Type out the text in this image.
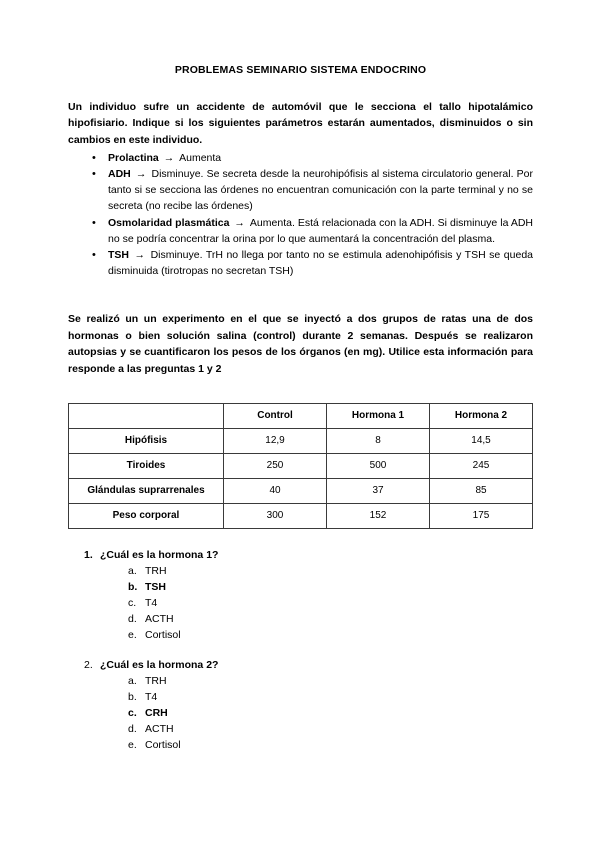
PROBLEMAS SEMINARIO SISTEMA ENDOCRINO

Un individuo sufre un accidente de automóvil que le secciona el tallo hipotalámico hipofisiario. Indique si los siguientes parámetros estarán aumentados, disminuidos o sin cambios en este individuo.

• Prolactina → Aumenta
• ADH → Disminuye. Se secreta desde la neurohipófisis al sistema circulatorio general. Por tanto si se secciona las órdenes no encuentran comunicación con la parte terminal y no se secreta (no recibe las órdenes)
• Osmolaridad plasmática → Aumenta. Está relacionada con la ADH. Si disminuye la ADH no se podría concentrar la orina por lo que aumentará la concentración del plasma.
• TSH → Disminuye. TrH no llega por tanto no se estimula adenohipófisis y TSH se queda disminuida (tirotropas no secretan TSH)

Se realizó un un experimento en el que se inyectó a dos grupos de ratas una de dos hormonas o bien solución salina (control) durante 2 semanas. Después se realizaron autopsias y se cuantificaron los pesos de los órganos (en mg). Utilice esta información para responde a las preguntas 1 y 2

	Control	Hormona 1	Hormona 2
Hipófisis	12,9	8	14,5
Tiroides	250	500	245
Glándulas suprarrenales	40	37	85
Peso corporal	300	152	175
1. ¿Cuál es la hormona 1?
a. TRH
b. TSH
c. T4
d. ACTH
e. Cortisol
2. ¿Cuál es la hormona 2?
a. TRH
b. T4
c. CRH
d. ACTH
e. Cortisol
